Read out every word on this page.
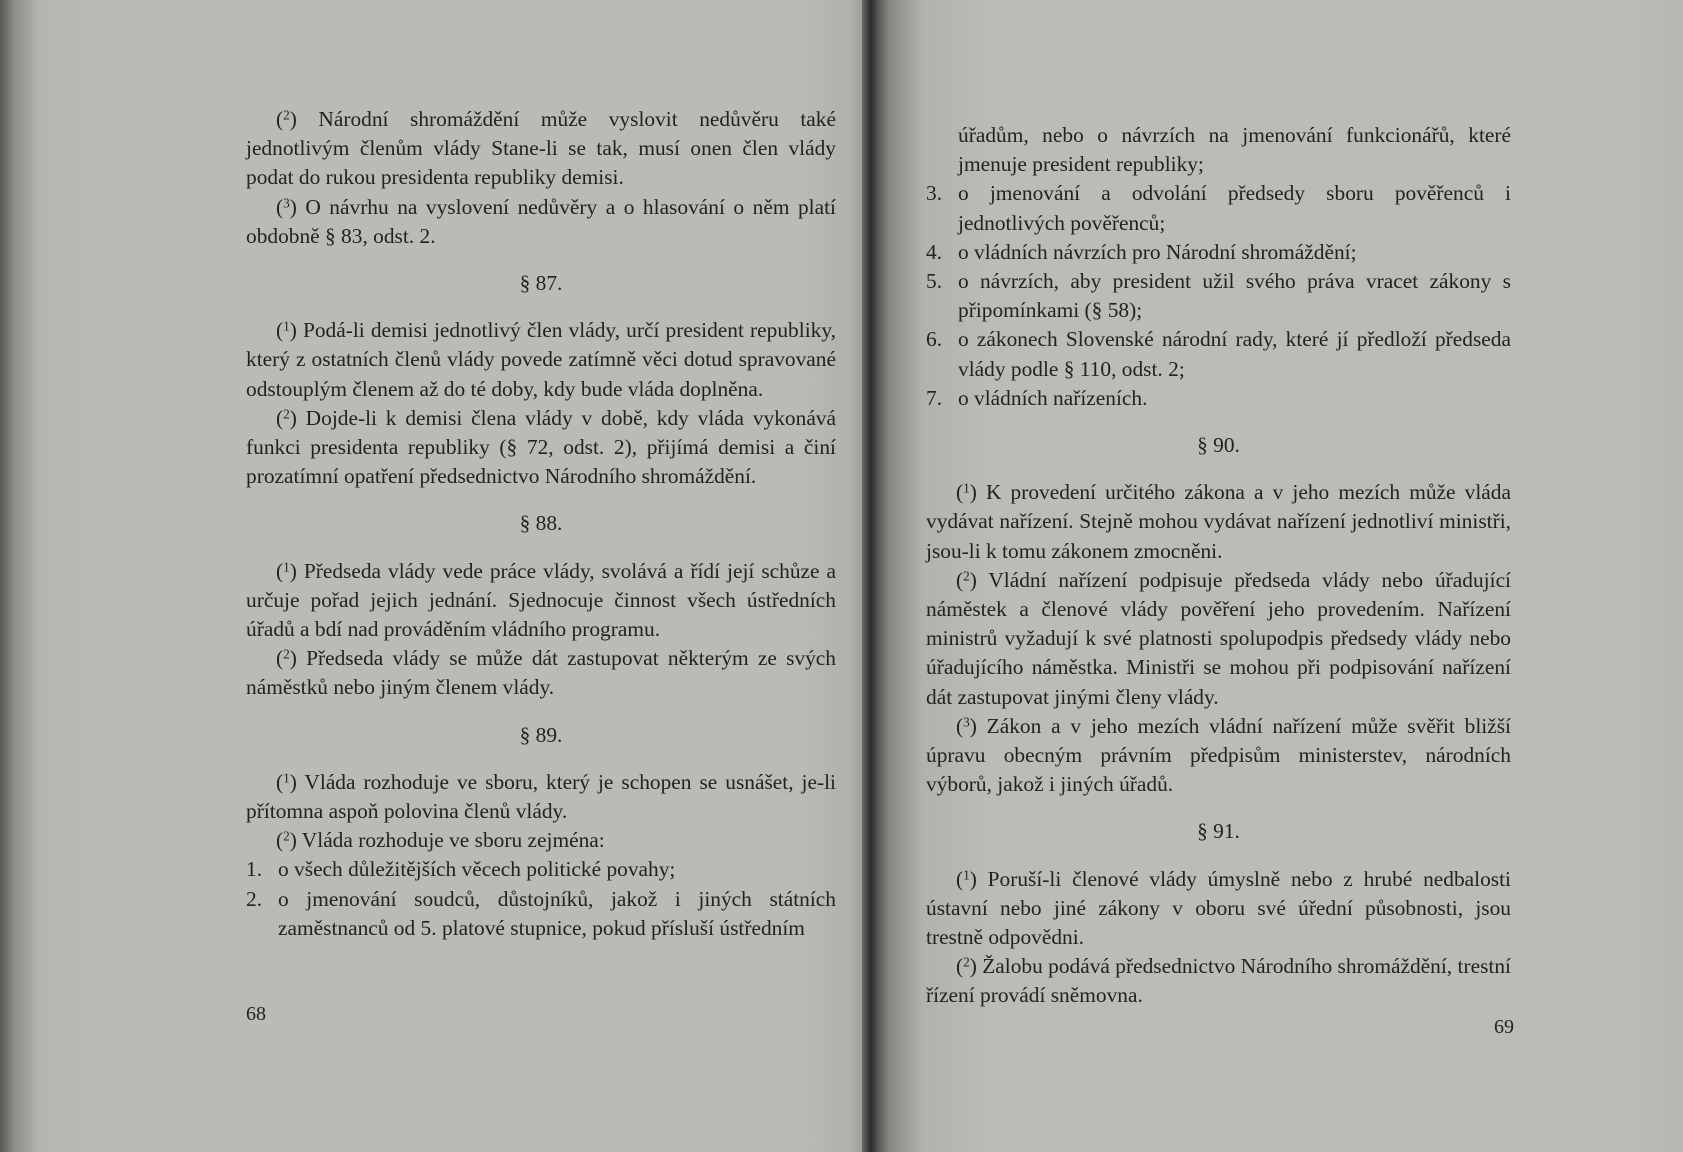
($^2$) Národní shromáždění může vyslovit nedůvěru také jednotlivým členům vlády Stane-li se tak, musí onen člen vlády podat do rukou presidenta republiky demisi.

($^3$) O návrhu na vyslovení nedůvěry a o hlasování o něm platí obdobně § 83, odst. 2.

§ 87.

($^1$) Podá-li demisi jednotlivý člen vlády, určí president republiky, který z ostatních členů vlády povede zatímně věci dotud spravované odstouplým členem až do té doby, kdy bude vláda doplněna.

($^2$) Dojde-li k demisi člena vlády v době, kdy vláda vykonává funkci presidenta republiky (§ 72, odst. 2), přijímá demisi a činí prozatímní opatření předsednictvo Národního shromáždění.

§ 88.

($^1$) Předseda vlády vede práce vlády, svolává a řídí její schůze a určuje pořad jejich jednání. Sjednocuje činnost všech ústředních úřadů a bdí nad prováděním vládního programu.

($^2$) Předseda vlády se může dát zastupovat některým ze svých náměstků nebo jiným členem vlády.

§ 89.

($^1$) Vláda rozhoduje ve sboru, který je schopen se usnášet, je-li přítomna aspoň polovina členů vlády.

($^2$) Vláda rozhoduje ve sboru zejména:

1. o všech důležitějších věcech politické povahy;
2. o jmenování soudců, důstojníků, jakož i jiných státních zaměstnanců od 5. platové stupnice, pokud přísluší ústředním
68
úřadům, nebo o návrzích na jmenování funkcionářů, které jmenuje president republiky;
3. o jmenování a odvolání předsedy sboru pověřenců i jednotlivých pověřenců;
4. o vládních návrzích pro Národní shromáždění;
5. o návrzích, aby president užil svého práva vracet zákony s připomínkami (§ 58);
6. o zákonech Slovenské národní rady, které jí předloží předseda vlády podle § 110, odst. 2;
7. o vládních nařízeních.
§ 90.

($^1$) K provedení určitého zákona a v jeho mezích může vláda vydávat nařízení. Stejně mohou vydávat nařízení jednotliví ministři, jsou-li k tomu zákonem zmocněni.

($^2$) Vládní nařízení podpisuje předseda vlády nebo úřadující náměstek a členové vlády pověření jeho provedením. Nařízení ministrů vyžadují k své platnosti spolupodpis předsedy vlády nebo úřadujícího náměstka. Ministři se mohou při podpisování nařízení dát zastupovat jinými členy vlády.

($^3$) Zákon a v jeho mezích vládní nařízení může svěřit bližší úpravu obecným právním předpisům ministerstev, národních výborů, jakož i jiných úřadů.

§ 91.

($^1$) Poruší-li členové vlády úmyslně nebo z hrubé nedbalosti ústavní nebo jiné zákony v oboru své úřední působnosti, jsou trestně odpovědni.

($^2$) Žalobu podává předsednictvo Národního shromáždění, trestní řízení provádí sněmovna.

69
